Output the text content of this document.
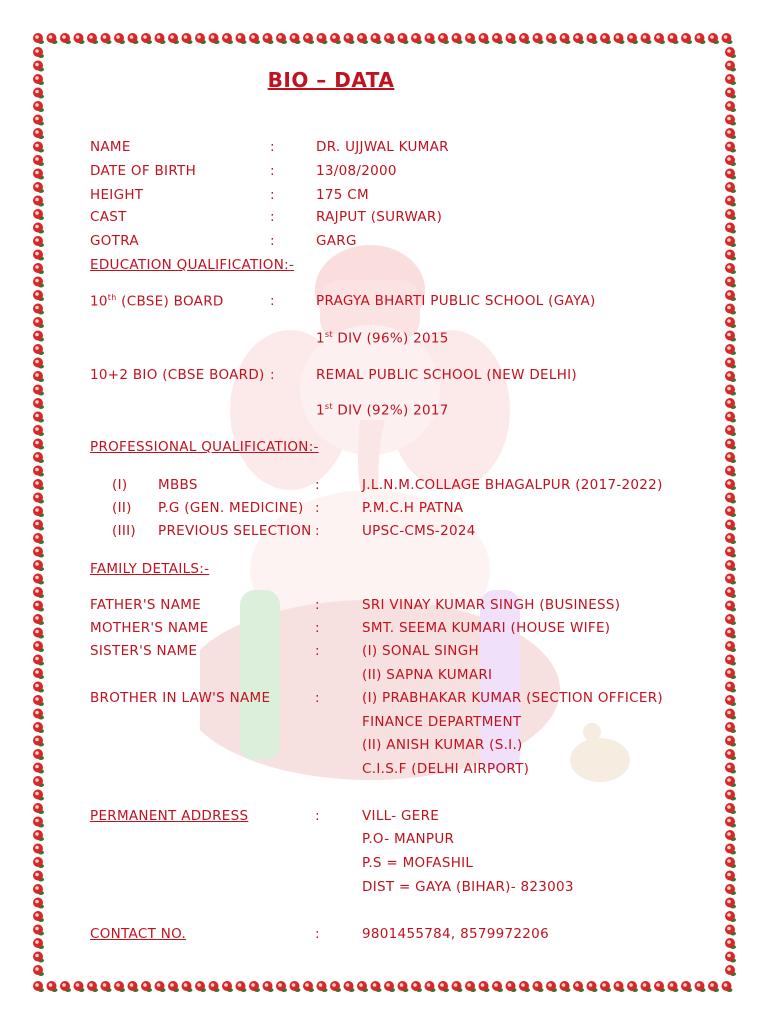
BIO – DATA
NAME	:	DR. UJJWAL KUMAR
DATE OF BIRTH	:	13/08/2000
HEIGHT	:	175 CM
CAST	:	RAJPUT (SURWAR)
GOTRA	:	GARG
EDUCATION QUALIFICATION:-
10th (CBSE) BOARD	:	PRAGYA BHARTI PUBLIC SCHOOL (GAYA)
1st DIV (96%) 2015
10+2 BIO (CBSE BOARD) :	REMAL PUBLIC SCHOOL (NEW DELHI)
1st DIV (92%) 2017
PROFESSIONAL QUALIFICATION:-
(I) MBBS	:	J.L.N.M.COLLAGE BHAGALPUR (2017-2022)
(II) P.G (GEN. MEDICINE) :	P.M.C.H PATNA
(III) PREVIOUS SELECTION :	UPSC-CMS-2024
FAMILY DETAILS:-
FATHER'S NAME	:	SRI VINAY KUMAR SINGH (BUSINESS)
MOTHER'S NAME	:	SMT. SEEMA KUMARI (HOUSE WIFE)
SISTER'S NAME	:	(I) SONAL SINGH
(II) SAPNA KUMARI
BROTHER IN LAW'S NAME	:	(I) PRABHAKAR KUMAR (SECTION OFFICER)
FINANCE DEPARTMENT
(II) ANISH KUMAR (S.I.)
C.I.S.F (DELHI AIRPORT)
PERMANENT ADDRESS	:	VILL- GERE
P.O- MANPUR
P.S = MOFASHIL
DIST = GAYA (BIHAR)- 823003
CONTACT NO.	:	9801455784, 8579972206
